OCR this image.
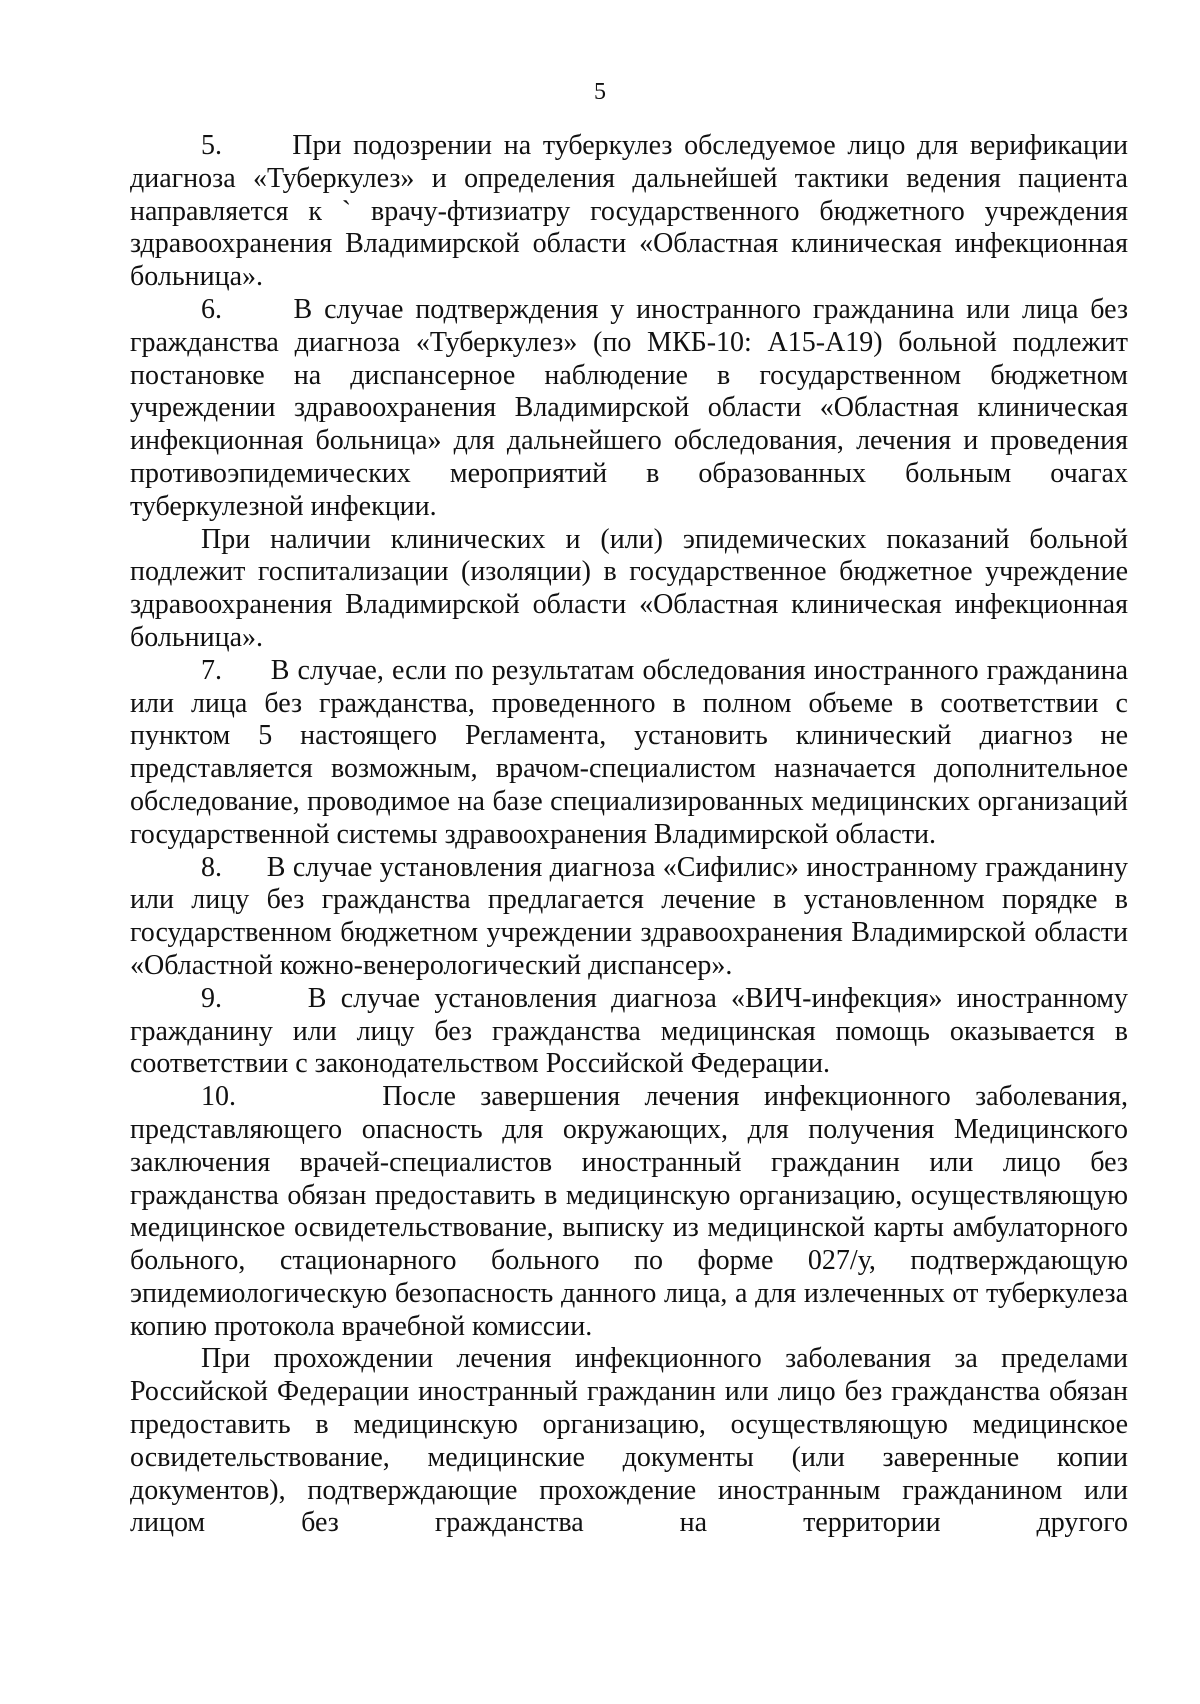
5

5.	При подозрении на туберкулез обследуемое лицо для верификации диагноза «Туберкулез» и определения дальнейшей тактики ведения пациента направляется к ` врачу-фтизиатру государственного бюджетного учреждения здравоохранения Владимирской области «Областная клиническая инфекционная больница».

6.	В случае подтверждения у иностранного гражданина или лица без гражданства диагноза «Туберкулез» (по МКБ-10: А15-А19) больной подлежит постановке на диспансерное наблюдение в государственном бюджетном учреждении здравоохранения Владимирской области «Областная клиническая инфекционная больница» для дальнейшего обследования, лечения и проведения противоэпидемических мероприятий в образованных больным очагах туберкулезной инфекции.

При наличии клинических и (или) эпидемических показаний больной подлежит госпитализации (изоляции) в государственное бюджетное учреждение здравоохранения Владимирской области «Областная клиническая инфекционная больница».

7. В случае, если по результатам обследования иностранного гражданина или лица без гражданства, проведенного в полном объеме в соответствии с пунктом 5 настоящего Регламента, установить клинический диагноз не представляется возможным, врачом-специалистом назначается дополнительное обследование, проводимое на базе специализированных медицинских организаций государственной системы здравоохранения Владимирской области.

8. В случае установления диагноза «Сифилис» иностранному гражданину или лицу без гражданства предлагается лечение в установленном порядке в государственном бюджетном учреждении здравоохранения Владимирской области «Областной кожно-венерологический диспансер».

9.	В случае установления диагноза «ВИЧ-инфекция» иностранному гражданину или лицу без гражданства медицинская помощь оказывается в соответствии с законодательством Российской Федерации.

10.	После завершения лечения инфекционного заболевания, представляющего опасность для окружающих, для получения Медицинского заключения врачей-специалистов иностранный гражданин или лицо без гражданства обязан предоставить в медицинскую организацию, осуществляющую медицинское освидетельствование, выписку из медицинской карты амбулаторного больного, стационарного больного по форме 027/у, подтверждающую эпидемиологическую безопасность данного лица, а для излеченных от туберкулеза копию протокола врачебной комиссии.

При прохождении лечения инфекционного заболевания за пределами Российской Федерации иностранный гражданин или лицо без гражданства обязан предоставить в медицинскую организацию, осуществляющую медицинское освидетельствование, медицинские документы (или заверенные копии документов), подтверждающие прохождение иностранным гражданином или лицом без гражданства на территории другого
